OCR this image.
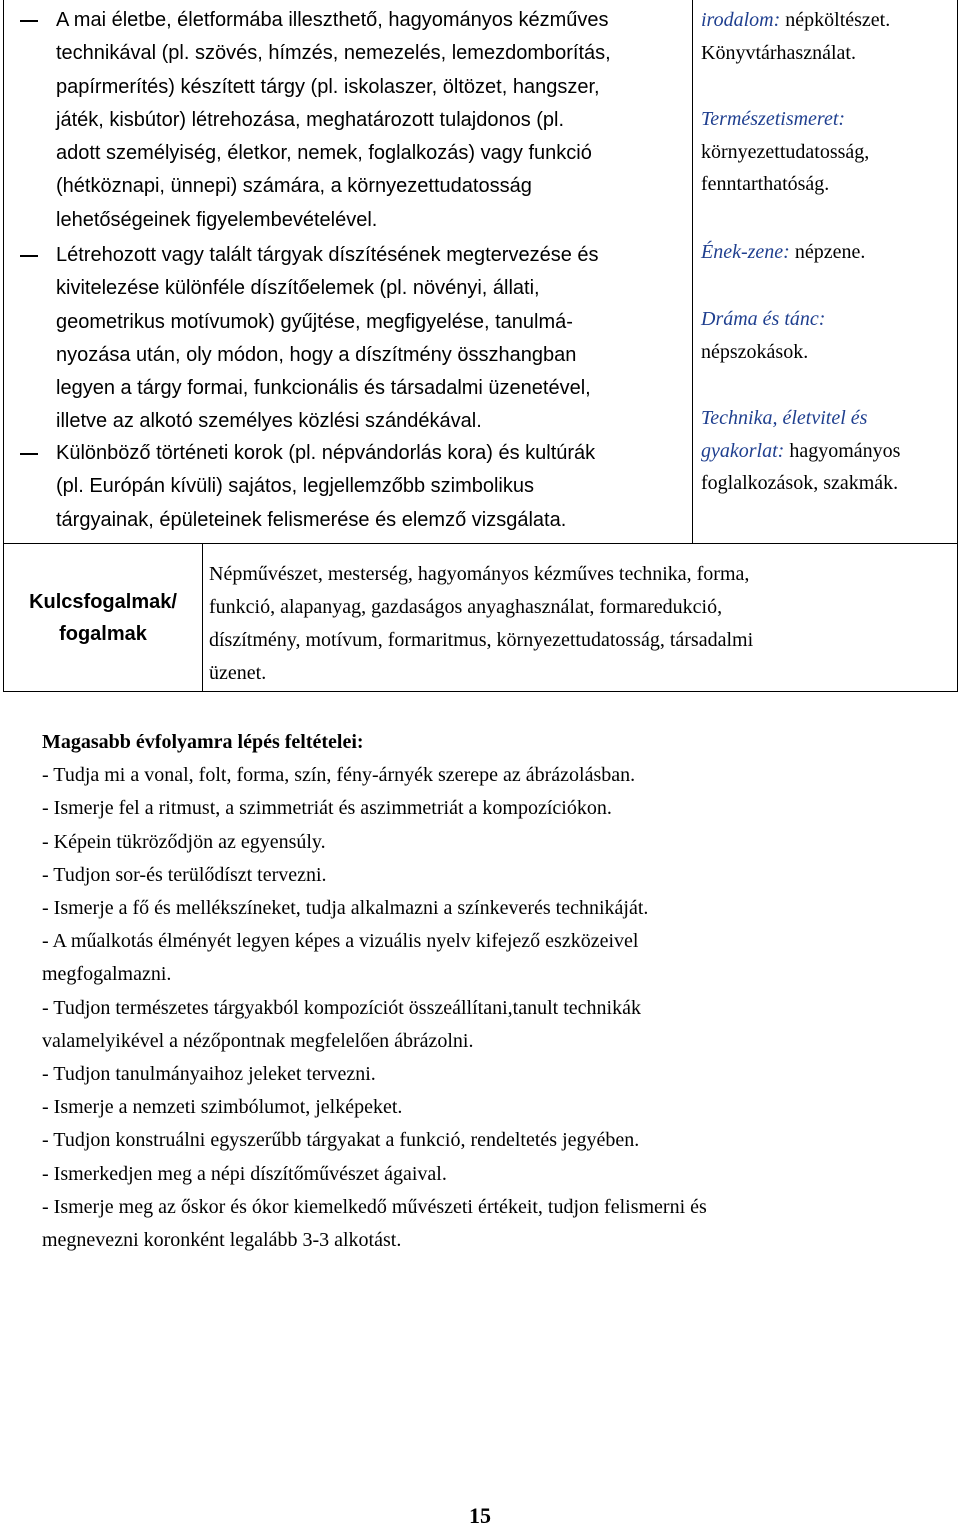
A mai életbe, életformába illeszthető, hagyományos kézműves
technikával (pl. szövés, hímzés, nemezelés, lemezdomborítás,
papírmerítés) készített tárgy (pl. iskolaszer, öltözet, hangszer,
játék, kisbútor) létrehozása, meghatározott tulajdonos (pl.
adott személyiség, életkor, nemek, foglalkozás) vagy funkció
(hétköznapi, ünnepi) számára, a környezettudatosság
lehetőségeinek figyelembevételével.
Létrehozott vagy talált tárgyak díszítésének megtervezése és
kivitelezése különféle díszítőelemek (pl. növényi, állati,
geometrikus motívumok) gyűjtése, megfigyelése, tanulmá-
nyozása után, oly módon, hogy a díszítmény összhangban
legyen a tárgy formai, funkcionális és társadalmi üzenetével,
illetve az alkotó személyes közlési szándékával.
Különböző történeti korok (pl. népvándorlás kora) és kultúrák
(pl. Európán kívüli) sajátos, legjellemzőbb szimbolikus
tárgyainak, épületeinek felismerése és elemző vizsgálata.
irodalom: népköltészet.
Könyvtárhasználat.
Természetismeret:
környezettudatosság,
fenntarthatóság.
Ének-zene: népzene.
Dráma és tánc:
népszokások.
Technika, életvitel és
gyakorlat: hagyományos
foglalkozások, szakmák.
Kulcsfogalmak/
fogalmak
Népművészet, mesterség, hagyományos kézműves technika, forma,
funkció, alapanyag, gazdaságos anyaghasználat, formaredukció,
díszítmény, motívum, formaritmus, környezettudatosság, társadalmi
üzenet.
Magasabb évfolyamra lépés feltételei:
- Tudja mi a vonal, folt, forma, szín, fény-árnyék szerepe az ábrázolásban.
- Ismerje fel a ritmust, a szimmetriát és aszimmetriát a kompozíciókon.
- Képein tükröződjön az egyensúly.
- Tudjon sor-és terülődíszt tervezni.
- Ismerje a fő és mellékszíneket, tudja alkalmazni a színkeverés technikáját.
- A műalkotás élményét legyen képes a vizuális nyelv kifejező eszközeivel
megfogalmazni.
- Tudjon természetes tárgyakból kompozíciót összeállítani,tanult technikák
valamelyikével a nézőpontnak megfelelően ábrázolni.
- Tudjon tanulmányaihoz jeleket tervezni.
- Ismerje a nemzeti szimbólumot, jelképeket.
- Tudjon konstruálni egyszerűbb tárgyakat a funkció, rendeltetés jegyében.
- Ismerkedjen meg a népi díszítőművészet ágaival.
- Ismerje meg az őskor és ókor kiemelkedő művészeti értékeit, tudjon felismerni és
megnevezni koronként legalább 3-3 alkotást.
15
